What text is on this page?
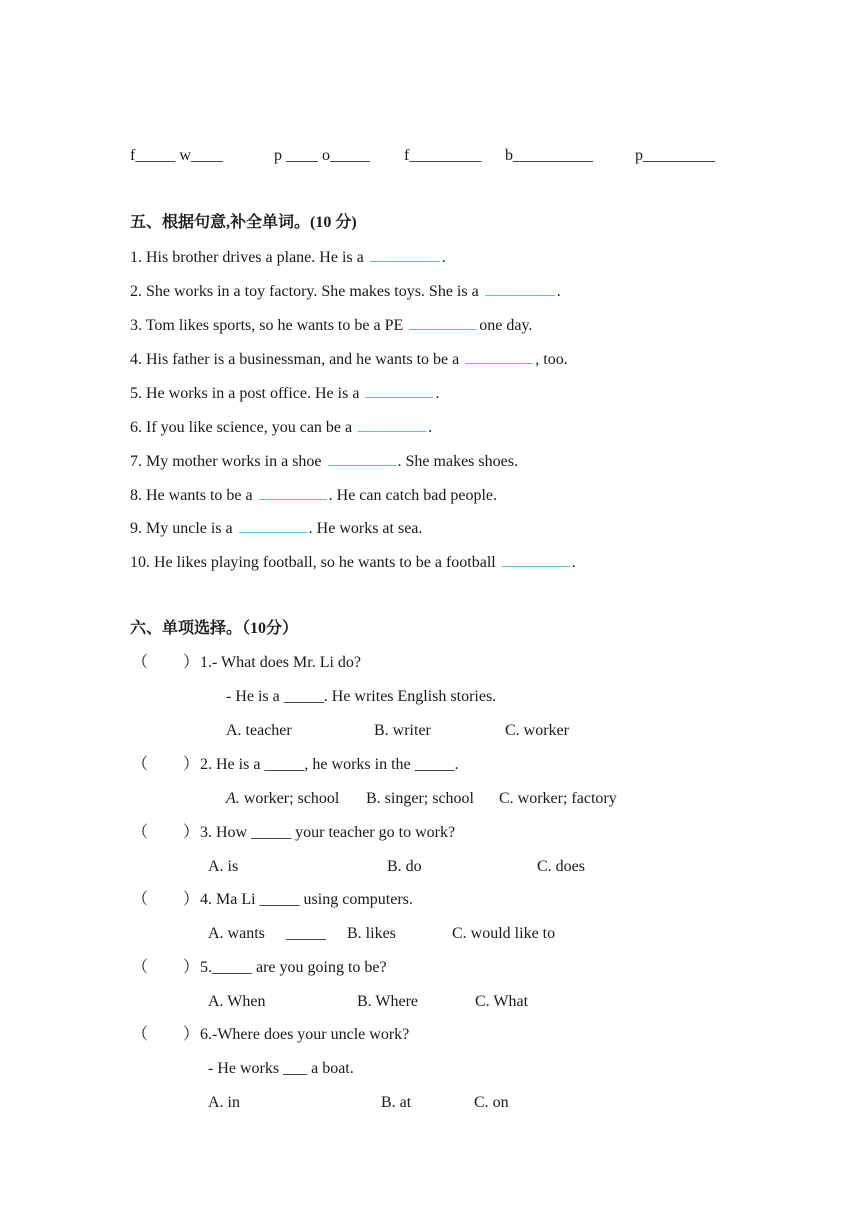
f_____ w____	p ____ o_____ f_________ b__________	p_________
五、根据句意,补全单词。(10 分)
1. His brother drives a plane. He is a	.
2. She works in a toy factory. She makes toys. She is a	.
3. Tom likes sports, so he wants to be a PE	one day.
4. His father is a businessman, and he wants to be a	, too.
5. He works in a post office. He is a	.
6. If you like science, you can be a	.
7. My mother works in a shoe	. She makes shoes.
8. He wants to be a	. He can catch bad people.
9. My uncle is a	. He works at sea.
10. He likes playing football, so he wants to be a football	.
六、单项选择。（10分）
（ ） 1.- What does Mr. Li do?
- He is a _____. He writes English stories.
A. teacher	B. writer	C. worker
（ ） 2. He is a _____, he works in the _____.
A. worker; school B. singer; school C. worker; factory
（ ） 3. How _____ your teacher go to work?
A. is	B. do	C. does
（ ） 4. Ma Li _____ using computers.
A. wants _____ B. likes	C. would like to
（ ） 5._____ are you going to be?
A. When	B. Where	C. What
（ ） 6.-Where does your uncle work?
- He works ___ a boat.
A. in	B. at	C. on
